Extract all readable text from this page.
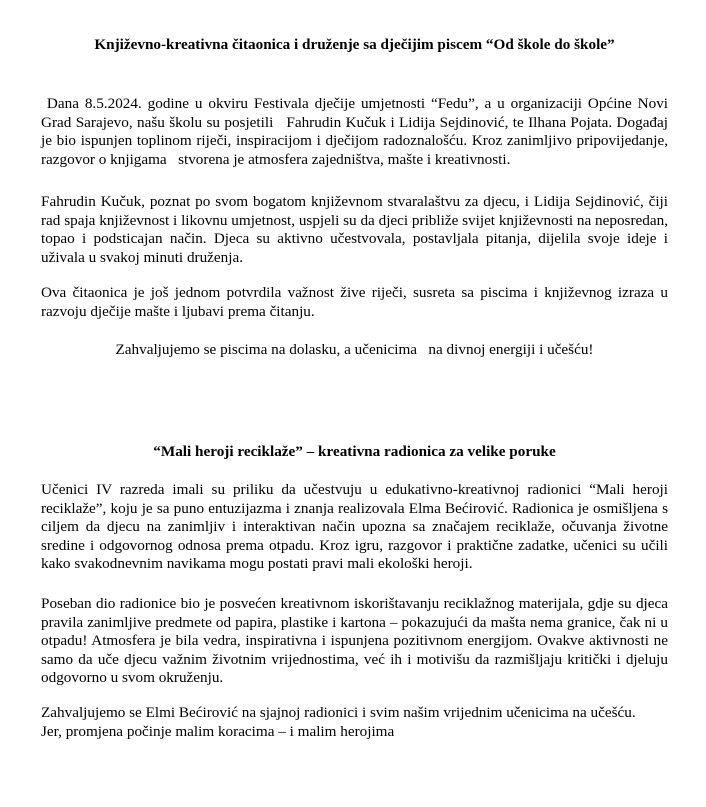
Književno-kreativna čitaonica i druženje sa dječijim piscem “Od škole do škole”

Dana 8.5.2024. godine u okviru Festivala dječije umjetnosti “Fedu”, a u organizaciji Općine Novi Grad Sarajevo, našu školu su posjetili   Fahrudin Kučuk i Lidija Sejdinović, te Ilhana Pojata. Događaj je bio ispunjen toplinom riječi, inspiracijom i dječijom radoznalošću. Kroz zanimljivo pripovijedanje, razgovor o knjigama   stvorena je atmosfera zajedništva, mašte i kreativnosti.

Fahrudin Kučuk, poznat po svom bogatom književnom stvaralaštvu za djecu, i Lidija Sejdinović, čiji rad spaja književnost i likovnu umjetnost, uspjeli su da djeci približe svijet književnosti na neposredan, topao i podsticajan način. Djeca su aktivno učestvovala, postavljala pitanja, dijelila svoje ideje i uživala u svakoj minuti druženja.

Ova čitaonica je još jednom potvrdila važnost žive riječi, susreta sa piscima i književnog izraza u razvoju dječije mašte i ljubavi prema čitanju.

Zahvaljujemo se piscima na dolasku, a učenicima   na divnoj energiji i učešću!

“Mali heroji reciklaže” – kreativna radionica za velike poruke

Učenici IV razreda imali su priliku da učestvuju u edukativno-kreativnoj radionici “Mali heroji reciklaže”, koju je sa puno entuzijazma i znanja realizovala Elma Bećirović. Radionica je osmišljena s ciljem da djecu na zanimljiv i interaktivan način upozna sa značajem reciklaže, očuvanja životne sredine i odgovornog odnosa prema otpadu. Kroz igru, razgovor i praktične zadatke, učenici su učili kako svakodnevnim navikama mogu postati pravi mali ekološki heroji.

Poseban dio radionice bio je posvećen kreativnom iskorištavanju reciklažnog materijala, gdje su djeca pravila zanimljive predmete od papira, plastike i kartona – pokazujući da mašta nema granice, čak ni u otpadu! Atmosfera je bila vedra, inspirativna i ispunjena pozitivnom energijom. Ovakve aktivnosti ne samo da uče djecu važnim životnim vrijednostima, već ih i motivišu da razmišljaju kritički i djeluju odgovorno u svom okruženju.

Zahvaljujemo se Elmi Bećirović na sjajnoj radionici i svim našim vrijednim učenicima na učešću.
Jer, promjena počinje malim koracima – i malim herojima
